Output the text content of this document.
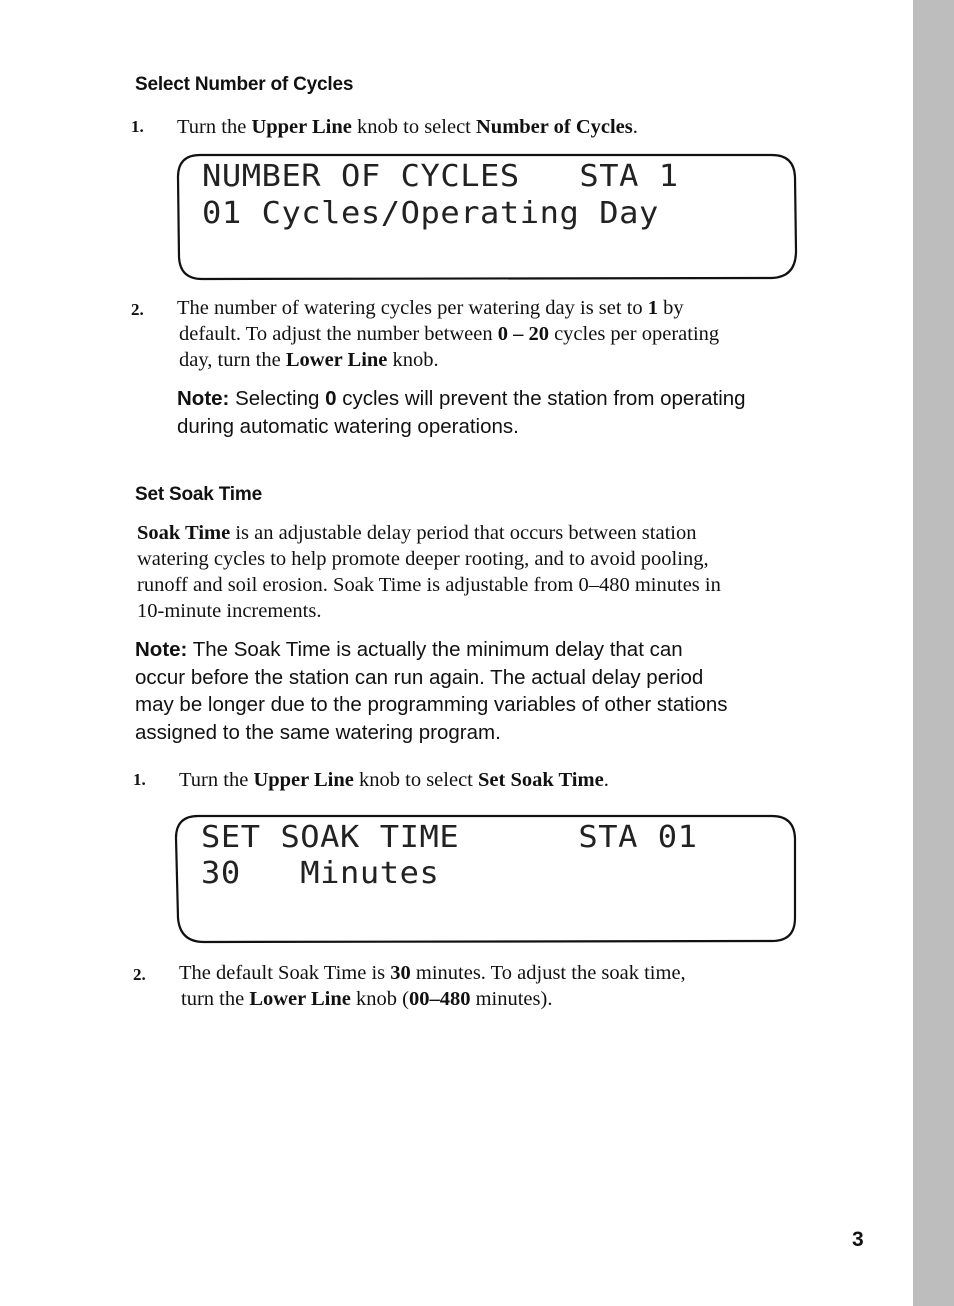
Select Number of Cycles
1. Turn the Upper Line knob to select Number of Cycles.
NUMBER OF CYCLES   STA 1
01 Cycles/Operating Day
2. The number of watering cycles per watering day is set to 1 by
default. To adjust the number between 0 – 20 cycles per operating
day, turn the Lower Line knob.
Note: Selecting 0 cycles will prevent the station from operating
during automatic watering operations.
Set Soak Time
Soak Time is an adjustable delay period that occurs between station
watering cycles to help promote deeper rooting, and to avoid pooling,
runoff and soil erosion. Soak Time is adjustable from 0–480 minutes in
10-minute increments.
Note: The Soak Time is actually the minimum delay that can
occur before the station can run again. The actual delay period
may be longer due to the programming variables of other stations
assigned to the same watering program.
1. Turn the Upper Line knob to select Set Soak Time.
SET SOAK TIME      STA 01
30   Minutes
2. The default Soak Time is 30 minutes. To adjust the soak time,
turn the Lower Line knob (00–480 minutes).
3
